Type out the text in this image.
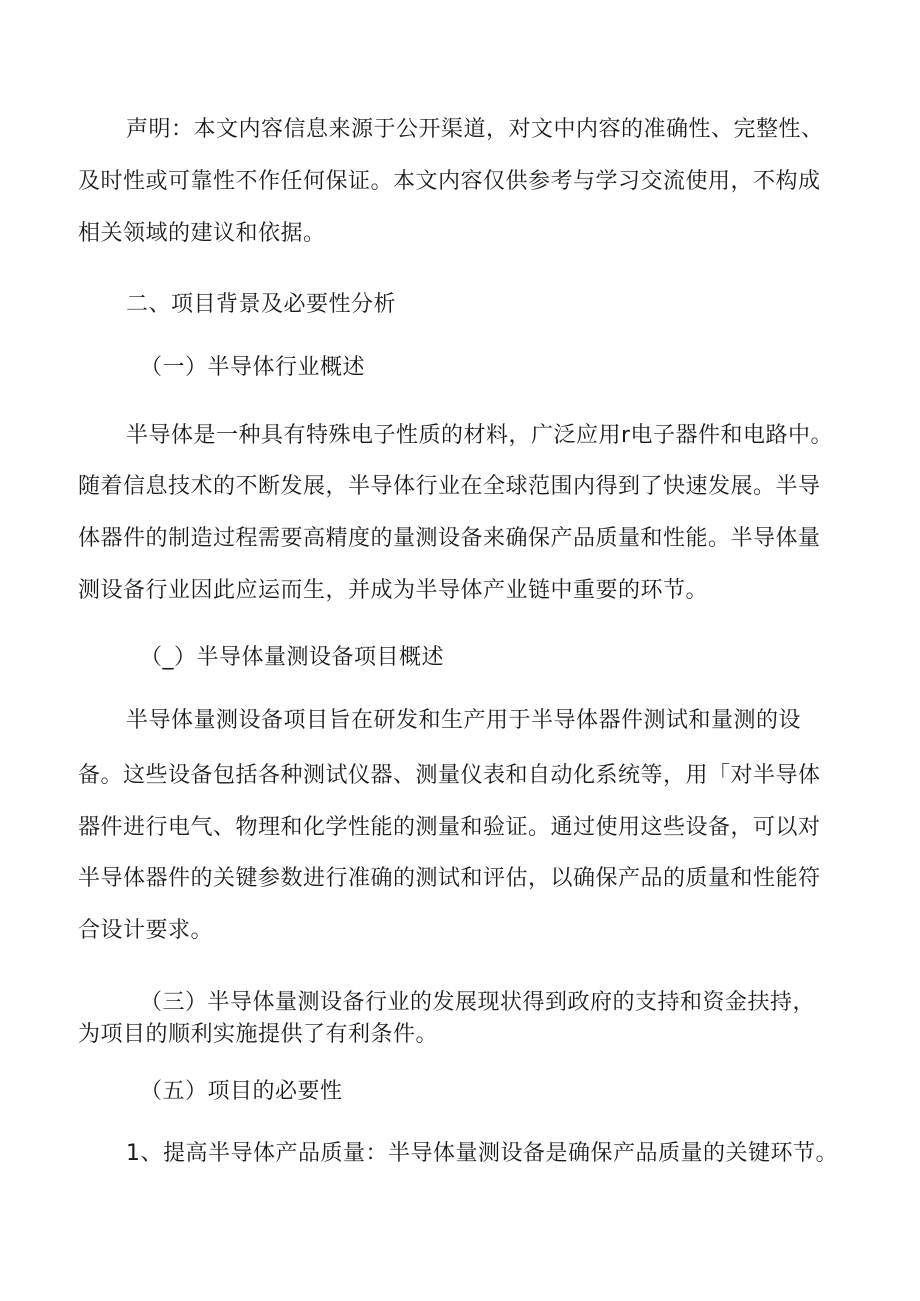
声明：本文内容信息来源于公开渠道，对文中内容的准确性、完整性、
及时性或可靠性不作任何保证。本文内容仅供参考与学习交流使用，不构成
相关领域的建议和依据。
二、项目背景及必要性分析
（一）半导体行业概述
半导体是一种具有特殊电子性质的材料，广泛应用r电子器件和电路中。
随着信息技术的不断发展，半导体行业在全球范围内得到了快速发展。半导
体器件的制造过程需要高精度的量测设备来确保产品质量和性能。半导体量
测设备行业因此应运而生，并成为半导体产业链中重要的环节。
（_）半导体量测设备项目概述
半导体量测设备项目旨在研发和生产用于半导体器件测试和量测的设
备。这些设备包括各种测试仪器、测量仪表和自动化系统等，用「对半导体
器件进行电气、物理和化学性能的测量和验证。通过使用这些设备，可以对
半导体器件的关键参数进行准确的测试和评估，以确保产品的质量和性能符
合设计要求。
（三）半导体量测设备行业的发展现状得到政府的支持和资金扶持，
为项目的顺利实施提供了有利条件。
（五）项目的必要性
1、提高半导体产品质量：半导体量测设备是确保产品质量的关键环节。
